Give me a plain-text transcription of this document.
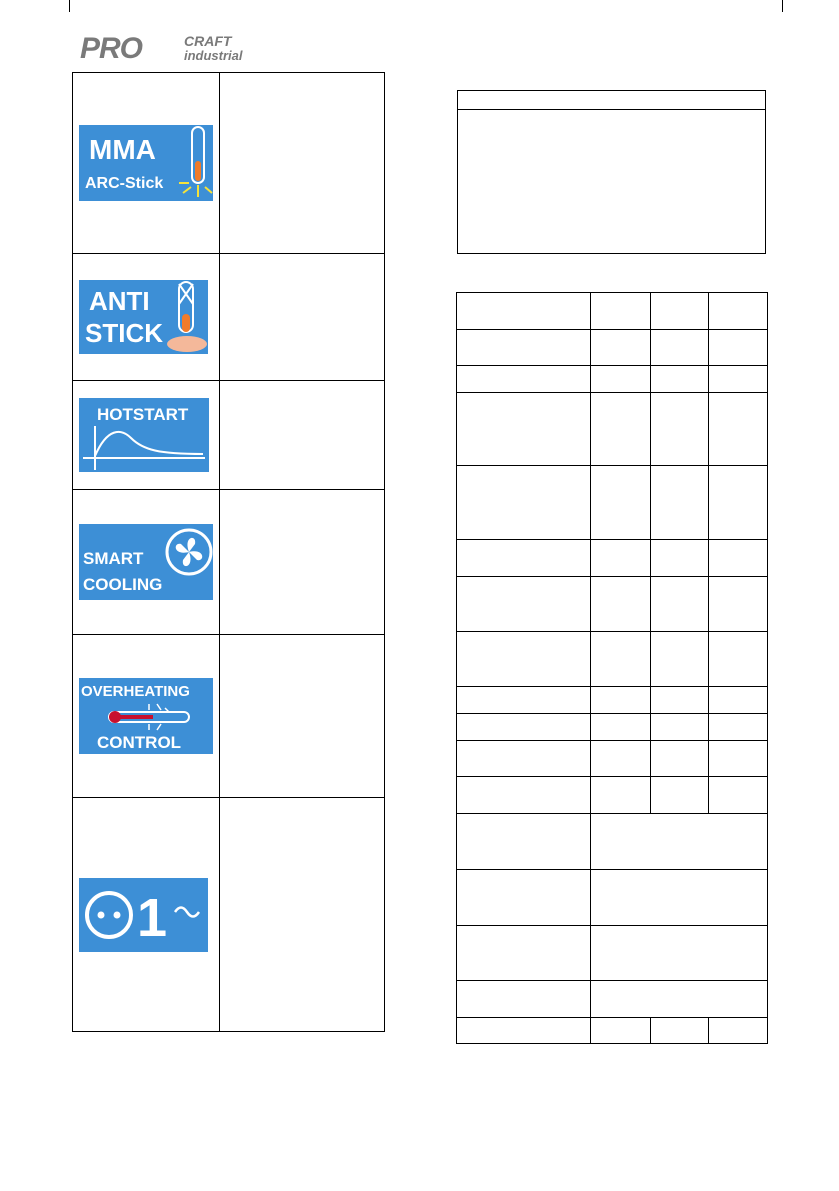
PRO	CRAFT
industrial
MMA
ARC-Stick	

ANTI
STICK	

HOTSTART	

SMART
COOLING	

OVERHEATING
CONTROL	

1	
